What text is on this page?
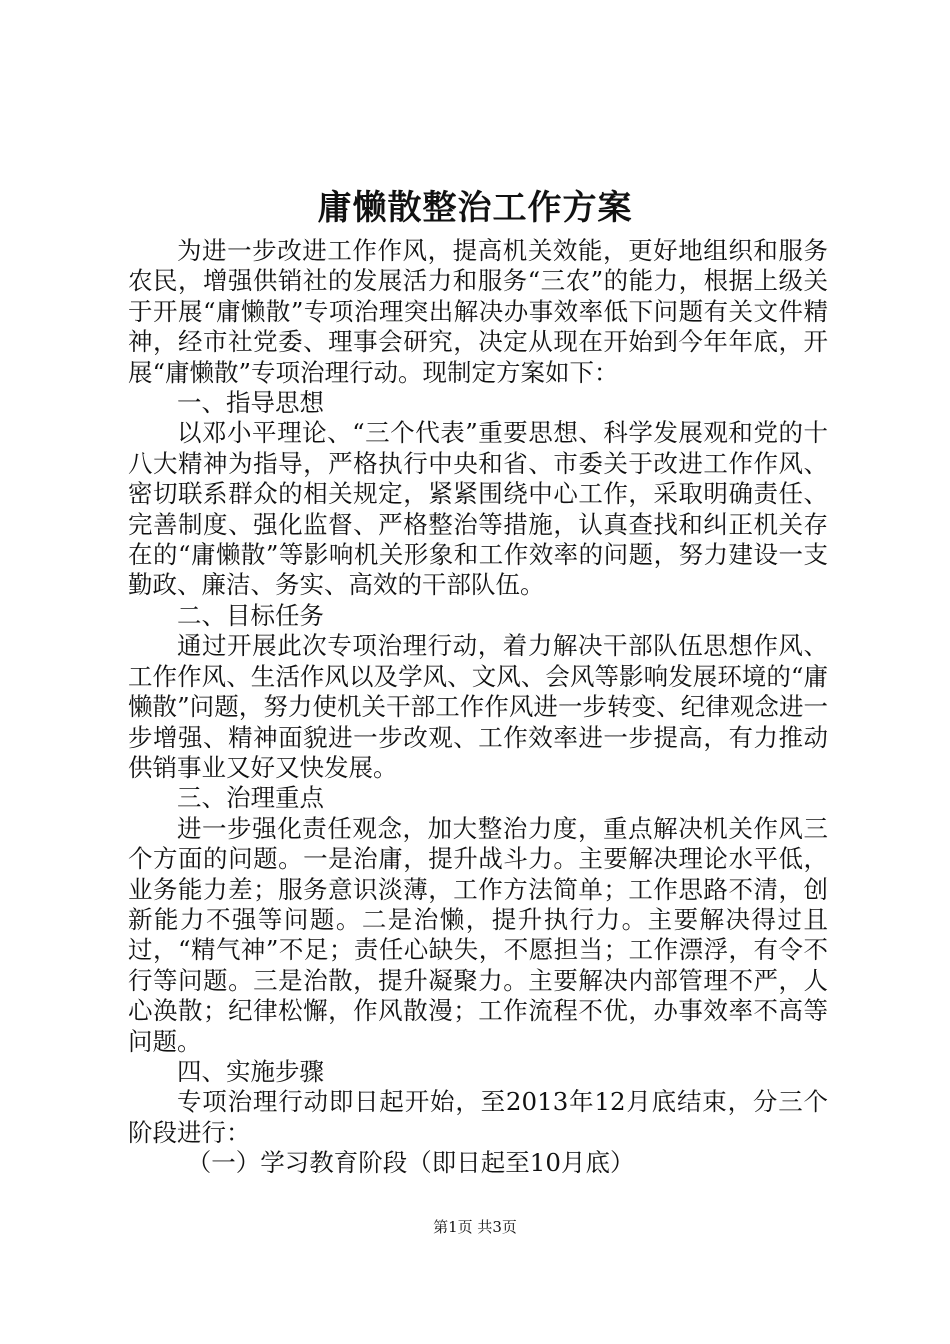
庸懒散整治工作方案

为进一步改进工作作风，提高机关效能，更好地组织和服务农民，增强供销社的发展活力和服务“三农”的能力，根据上级关于开展“庸懒散”专项治理突出解决办事效率低下问题有关文件精神，经市社党委、理事会研究，决定从现在开始到今年年底，开展“庸懒散”专项治理行动。现制定方案如下：

一、指导思想

以邓小平理论、“三个代表”重要思想、科学发展观和党的十八大精神为指导，严格执行中央和省、市委关于改进工作作风、密切联系群众的相关规定，紧紧围绕中心工作，采取明确责任、完善制度、强化监督、严格整治等措施，认真查找和纠正机关存在的“庸懒散”等影响机关形象和工作效率的问题，努力建设一支勤政、廉洁、务实、高效的干部队伍。

二、目标任务

通过开展此次专项治理行动，着力解决干部队伍思想作风、工作作风、生活作风以及学风、文风、会风等影响发展环境的“庸懒散”问题，努力使机关干部工作作风进一步转变、纪律观念进一步增强、精神面貌进一步改观、工作效率进一步提高，有力推动供销事业又好又快发展。

三、治理重点

进一步强化责任观念，加大整治力度，重点解决机关作风三个方面的问题。一是治庸，提升战斗力。主要解决理论水平低，业务能力差；服务意识淡薄，工作方法简单；工作思路不清，创新能力不强等问题。二是治懒，提升执行力。主要解决得过且过，“精气神”不足；责任心缺失，不愿担当；工作漂浮，有令不行等问题。三是治散，提升凝聚力。主要解决内部管理不严，人心涣散；纪律松懈，作风散漫；工作流程不优，办事效率不高等问题。

四、实施步骤

专项治理行动即日起开始，至2013年12月底结束，分三个阶段进行：

（一）学习教育阶段（即日起至10月底）

第1页 共3页
